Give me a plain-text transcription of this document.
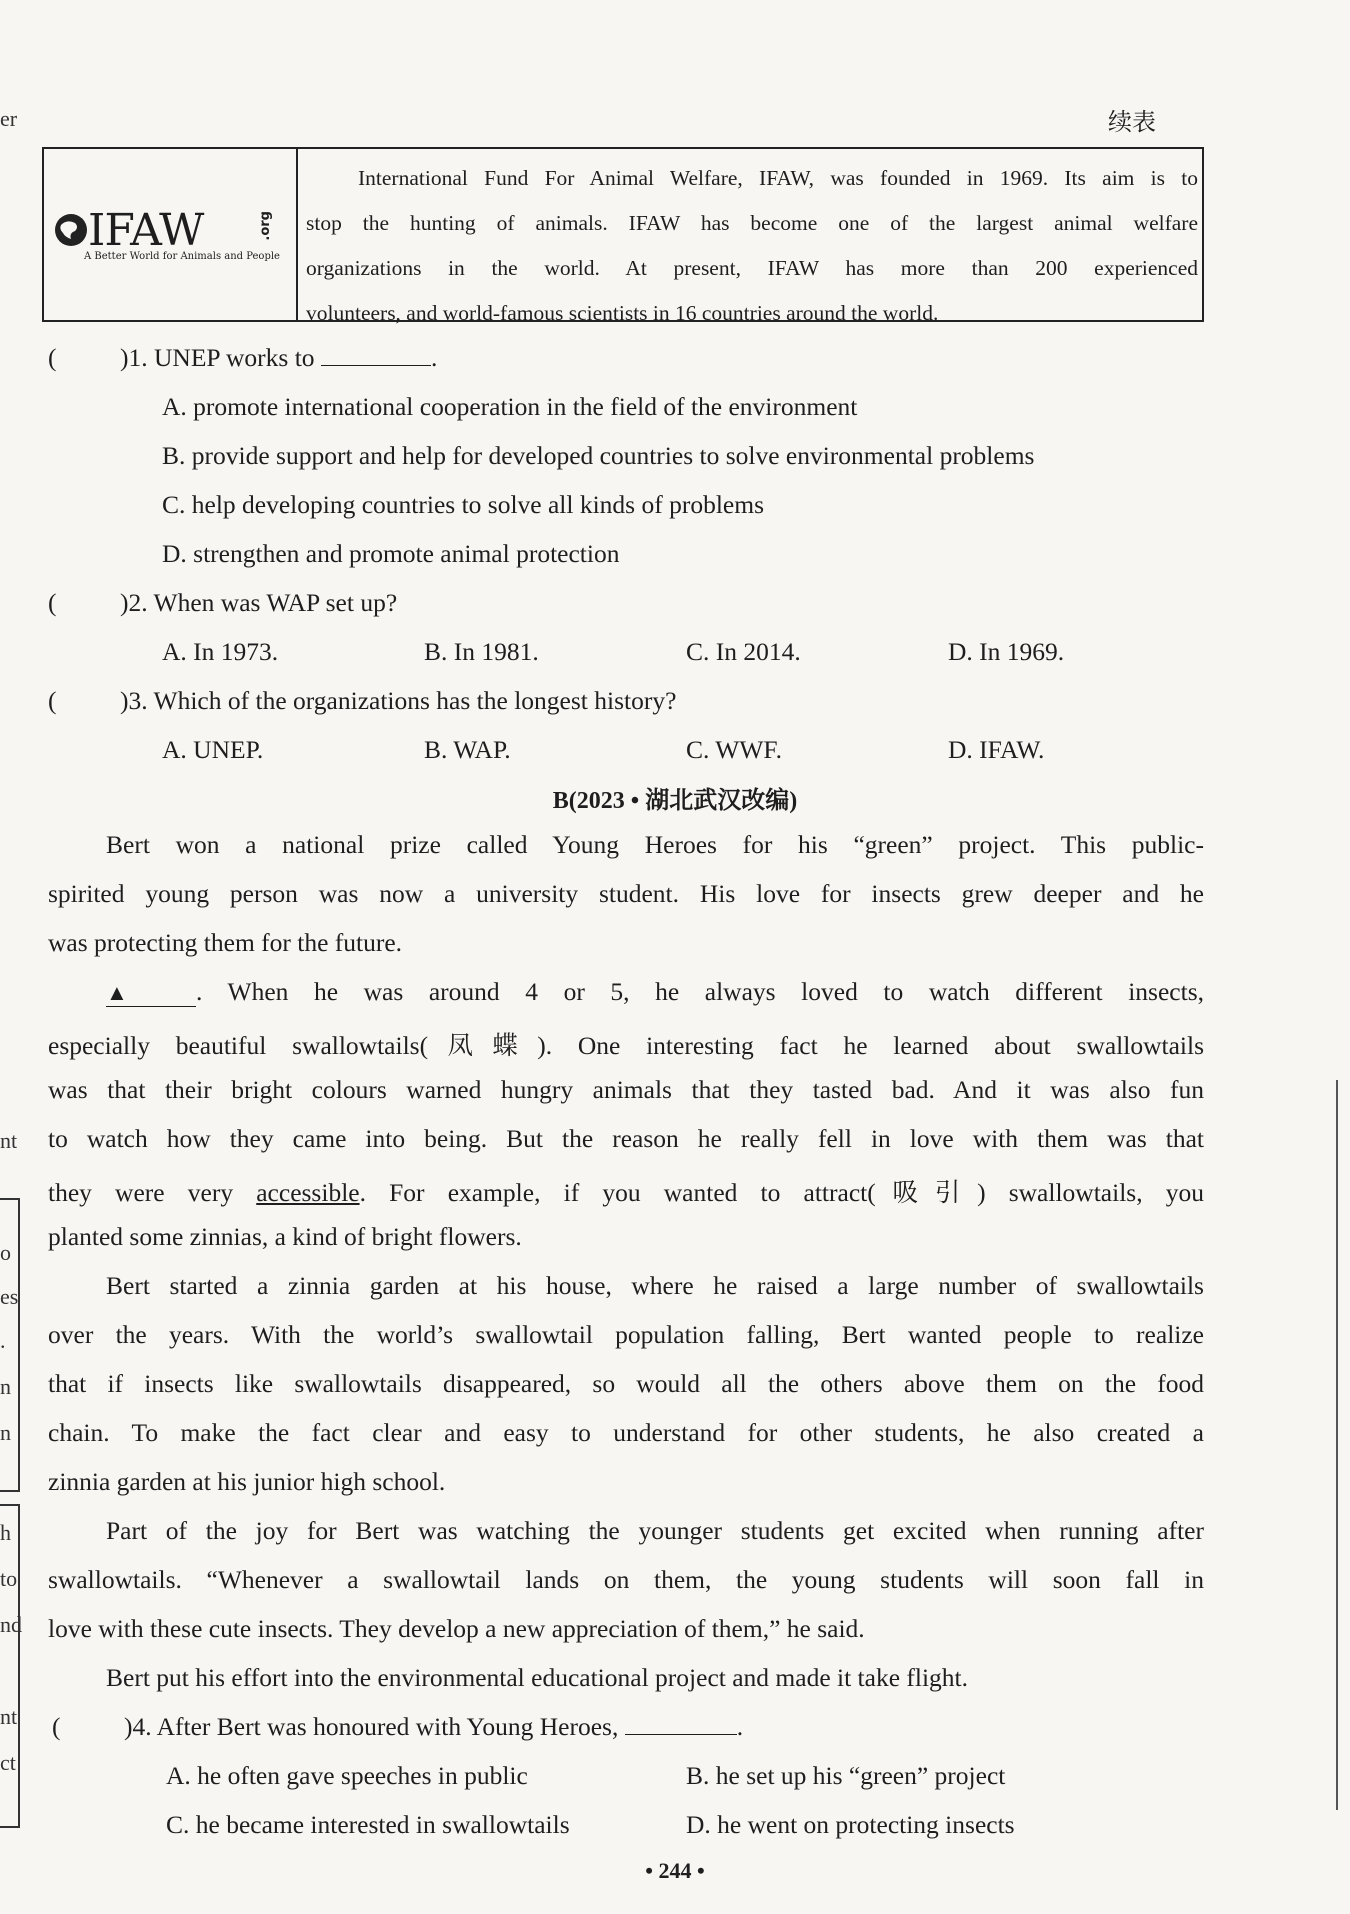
续表
er
nt
o
es
.
n
n
h
to
nd
nt
ct
IFAW	.org
A Better World for Animals and People
International Fund For Animal Welfare, IFAW, was founded in 1969. Its aim is to
stop the hunting of animals. IFAW has become one of the largest animal welfare
organizations in the world. At present, IFAW has more than 200 experienced
volunteers, and world-famous scientists in 16 countries around the world.
( )1. UNEP works to	.
A. promote international cooperation in the field of the environment
B. provide support and help for developed countries to solve environmental problems
C. help developing countries to solve all kinds of problems
D. strengthen and promote animal protection
( )2. When was WAP set up?
A. In 1973.	B. In 1981.	C. In 2014.	D. In 1969.
( )3. Which of the organizations has the longest history?
A. UNEP.	B. WAP.	C. WWF.	D. IFAW.
B(2023 • 湖北武汉改编)
Bert won a national prize called Young Heroes for his “green” project. This public-
spirited young person was now a university student. His love for insects grew deeper and he
was protecting them for the future.
▲	. When he was around 4 or 5, he always loved to watch different insects,
especially beautiful swallowtails(凤蝶). One interesting fact he learned about swallowtails
was that their bright colours warned hungry animals that they tasted bad. And it was also fun
to watch how they came into being. But the reason he really fell in love with them was that
they were very accessible. For example, if you wanted to attract(吸引) swallowtails, you
planted some zinnias, a kind of bright flowers.
Bert started a zinnia garden at his house, where he raised a large number of swallowtails
over the years. With the world’s swallowtail population falling, Bert wanted people to realize
that if insects like swallowtails disappeared, so would all the others above them on the food
chain. To make the fact clear and easy to understand for other students, he also created a
zinnia garden at his junior high school.
Part of the joy for Bert was watching the younger students get excited when running after
swallowtails. “Whenever a swallowtail lands on them, the young students will soon fall in
love with these cute insects. They develop a new appreciation of them,” he said.
Bert put his effort into the environmental educational project and made it take flight.
( )4. After Bert was honoured with Young Heroes,	.
A. he often gave speeches in public	B. he set up his “green” project
C. he became interested in swallowtails	D. he went on protecting insects
• 244 •
